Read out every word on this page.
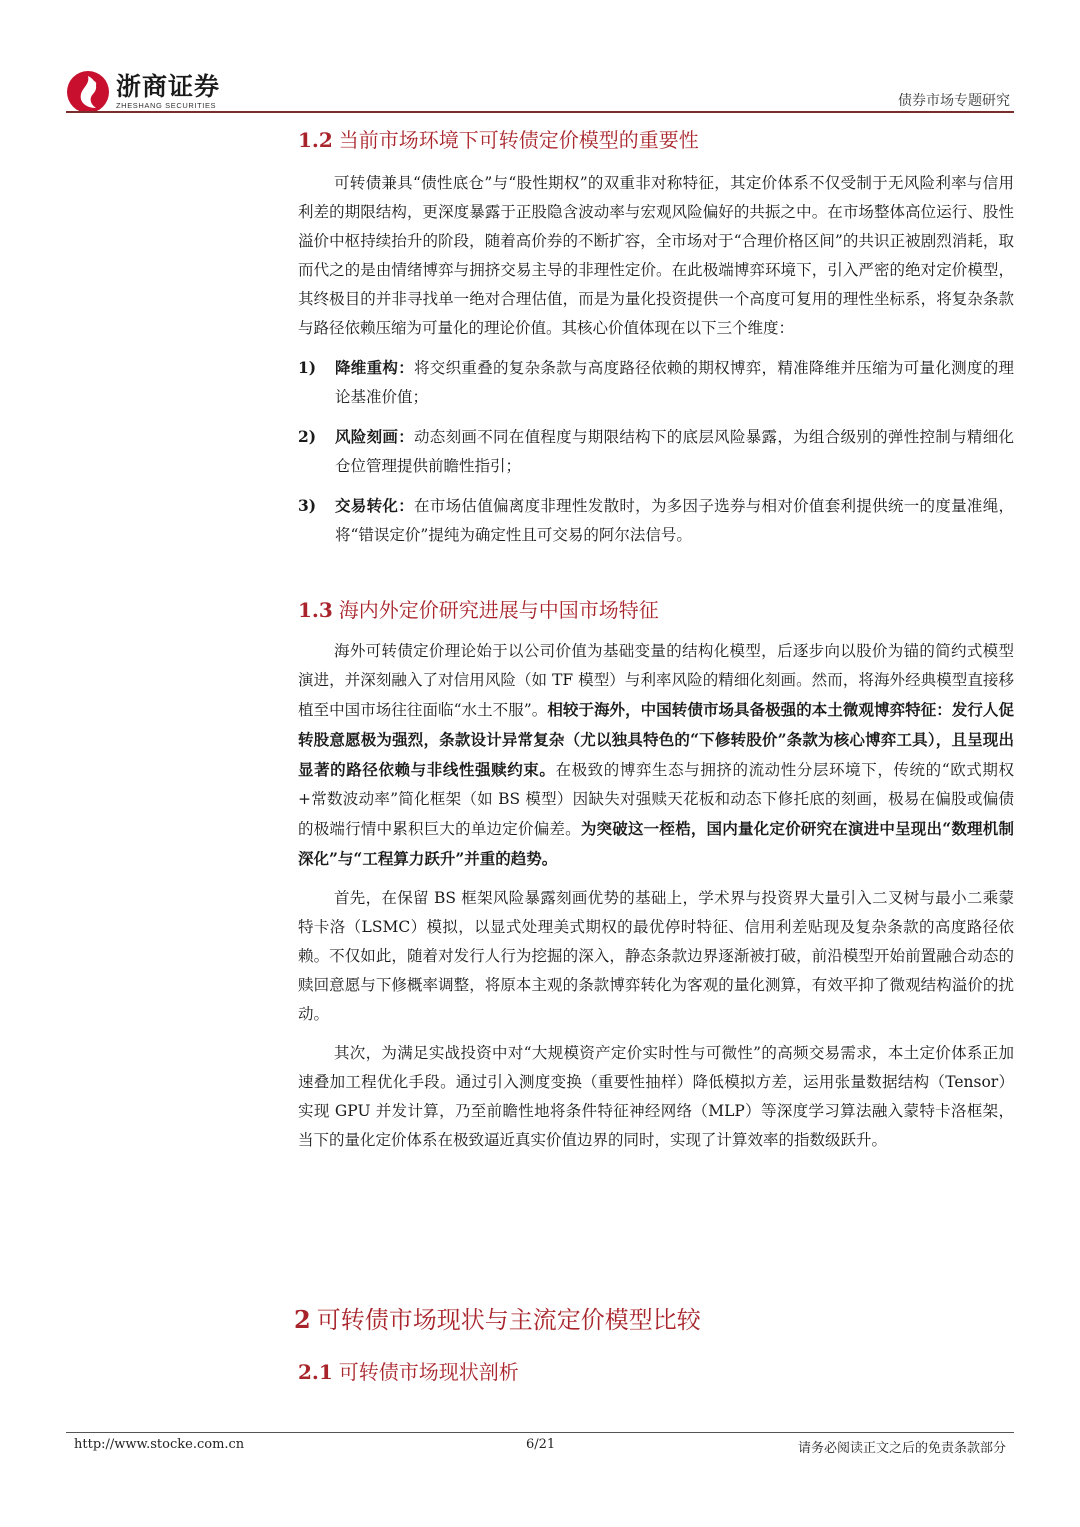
浙商证券
ZHESHANG SECURITIES	债券市场专题研究
1.2 当前市场环境下可转债定价模型的重要性

可转债兼具“债性底仓”与“股性期权”的双重非对称特征，其定价体系不仅受制于无风险利率与信用利差的期限结构，更深度暴露于正股隐含波动率与宏观风险偏好的共振之中。在市场整体高位运行、股性溢价中枢持续抬升的阶段，随着高价券的不断扩容，全市场对于“合理价格区间”的共识正被剧烈消耗，取而代之的是由情绪博弈与拥挤交易主导的非理性定价。在此极端博弈环境下，引入严密的绝对定价模型，其终极目的并非寻找单一绝对合理估值，而是为量化投资提供一个高度可复用的理性坐标系，将复杂条款与路径依赖压缩为可量化的理论价值。其核心价值体现在以下三个维度：

1)	降维重构：将交织重叠的复杂条款与高度路径依赖的期权博弈，精准降维并压缩为可量化测度的理论基准价值；
2)	风险刻画：动态刻画不同在值程度与期限结构下的底层风险暴露，为组合级别的弹性控制与精细化仓位管理提供前瞻性指引；
3)	交易转化：在市场估值偏离度非理性发散时，为多因子选券与相对价值套利提供统一的度量准绳，将“错误定价”提纯为确定性且可交易的阿尔法信号。
1.3 海内外定价研究进展与中国市场特征

海外可转债定价理论始于以公司价值为基础变量的结构化模型，后逐步向以股价为锚的简约式模型演进，并深刻融入了对信用风险（如 TF 模型）与利率风险的精细化刻画。然而，将海外经典模型直接移植至中国市场往往面临“水土不服”。相较于海外，中国转债市场具备极强的本土微观博弈特征：发行人促转股意愿极为强烈，条款设计异常复杂（尤以独具特色的“下修转股价”条款为核心博弈工具），且呈现出显著的路径依赖与非线性强赎约束。在极致的博弈生态与拥挤的流动性分层环境下，传统的“欧式期权+常数波动率”简化框架（如 BS 模型）因缺失对强赎天花板和动态下修托底的刻画，极易在偏股或偏债的极端行情中累积巨大的单边定价偏差。为突破这一桎梏，国内量化定价研究在演进中呈现出“数理机制深化”与“工程算力跃升”并重的趋势。

首先，在保留 BS 框架风险暴露刻画优势的基础上，学术界与投资界大量引入二叉树与最小二乘蒙特卡洛（LSMC）模拟，以显式处理美式期权的最优停时特征、信用利差贴现及复杂条款的高度路径依赖。不仅如此，随着对发行人行为挖掘的深入，静态条款边界逐渐被打破，前沿模型开始前置融合动态的赎回意愿与下修概率调整，将原本主观的条款博弈转化为客观的量化测算，有效平抑了微观结构溢价的扰动。

其次，为满足实战投资中对“大规模资产定价实时性与可微性”的高频交易需求，本土定价体系正加速叠加工程优化手段。通过引入测度变换（重要性抽样）降低模拟方差，运用张量数据结构（Tensor）实现 GPU 并发计算，乃至前瞻性地将条件特征神经网络（MLP）等深度学习算法融入蒙特卡洛框架，当下的量化定价体系在极致逼近真实价值边界的同时，实现了计算效率的指数级跃升。

2 可转债市场现状与主流定价模型比较
2.1 可转债市场现状剖析
http://www.stocke.com.cn	6/21	请务必阅读正文之后的免责条款部分
